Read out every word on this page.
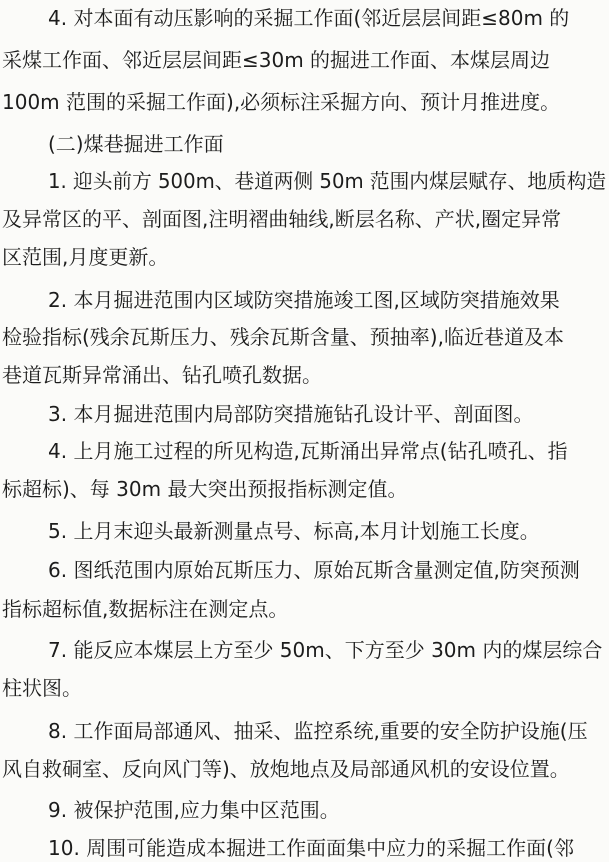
4. 对本面有动压影响的采掘工作面(邻近层层间距≤80m 的
采煤工作面、邻近层层间距≤30m 的掘进工作面、本煤层周边
100m 范围的采掘工作面),必须标注采掘方向、预计月推进度。
(二)煤巷掘进工作面
1. 迎头前方 500m、巷道两侧 50m 范围内煤层赋存、地质构造
及异常区的平、剖面图,注明褶曲轴线,断层名称、产状,圈定异常
区范围,月度更新。
2. 本月掘进范围内区域防突措施竣工图,区域防突措施效果
检验指标(残余瓦斯压力、残余瓦斯含量、预抽率),临近巷道及本
巷道瓦斯异常涌出、钻孔喷孔数据。
3. 本月掘进范围内局部防突措施钻孔设计平、剖面图。
4. 上月施工过程的所见构造,瓦斯涌出异常点(钻孔喷孔、指
标超标)、每 30m 最大突出预报指标测定值。
5. 上月末迎头最新测量点号、标高,本月计划施工长度。
6. 图纸范围内原始瓦斯压力、原始瓦斯含量测定值,防突预测
指标超标值,数据标注在测定点。
7. 能反应本煤层上方至少 50m、下方至少 30m 内的煤层综合
柱状图。
8. 工作面局部通风、抽采、监控系统,重要的安全防护设施(压
风自救硐室、反向风门等)、放炮地点及局部通风机的安设位置。
9. 被保护范围,应力集中区范围。
10. 周围可能造成本掘进工作面面集中应力的采掘工作面(邻
